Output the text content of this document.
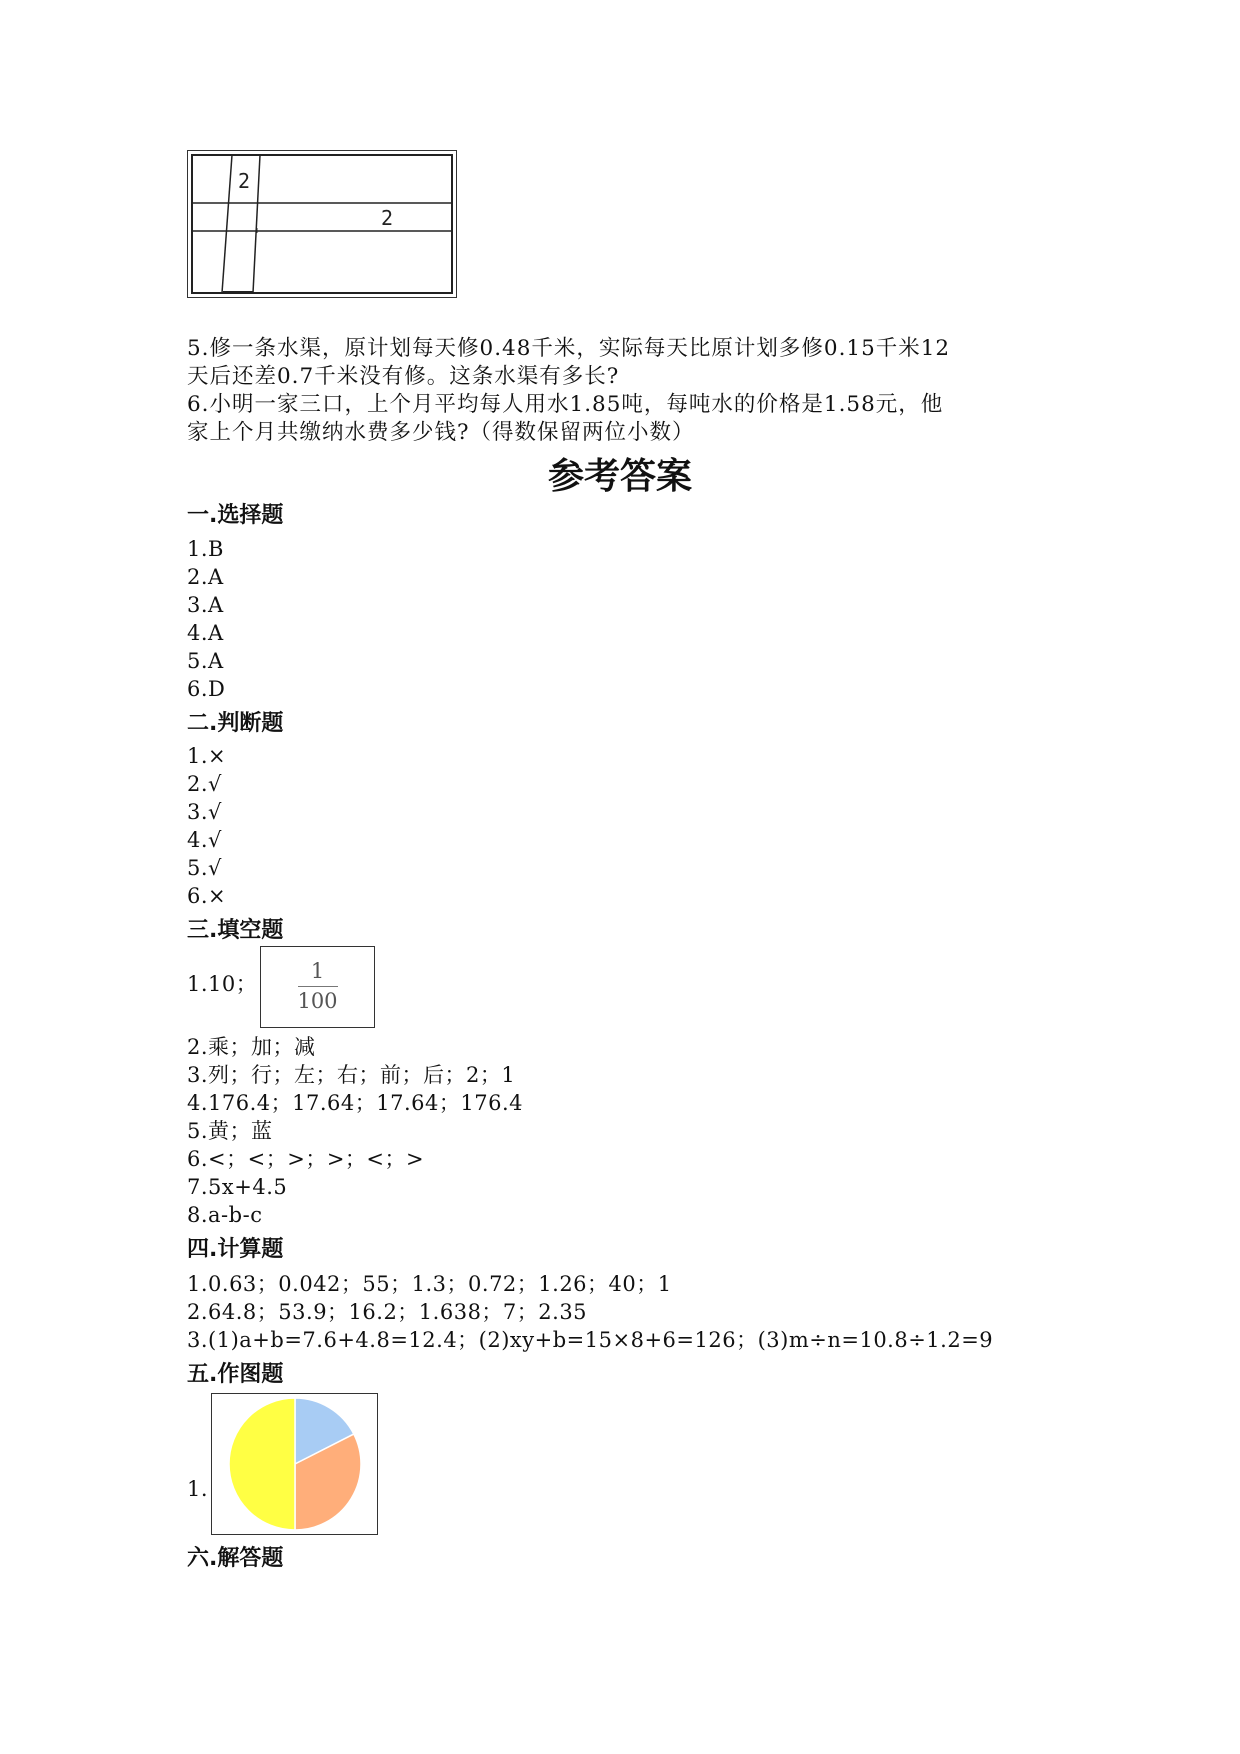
2
2
5.修一条水渠，原计划每天修0.48千米，实际每天比原计划多修0.15千米12
天后还差0.7千米没有修。这条水渠有多长?
6.小明一家三口，上个月平均每人用水1.85吨，每吨水的价格是1.58元，他
家上个月共缴纳水费多少钱?（得数保留两位小数）
参考答案
一.选择题
1.B
2.A
3.A
4.A
5.A
6.D
二.判断题
1.×
2.√
3.√
4.√
5.√
6.×
三.填空题
1.10；
1
100
2.乘；加；减
3.列；行；左；右；前；后；2；1
4.176.4；17.64；17.64；176.4
5.黄；蓝
6.<；<；>；>；<；>
7.5x+4.5
8.a-b-c
四.计算题
1.0.63；0.042；55；1.3；0.72；1.26；40；1
2.64.8；53.9；16.2；1.638；7；2.35
3.(1)a+b=7.6+4.8=12.4；(2)xy+b=15×8+6=126；(3)m÷n=10.8÷1.2=9
五.作图题
1.
六.解答题
